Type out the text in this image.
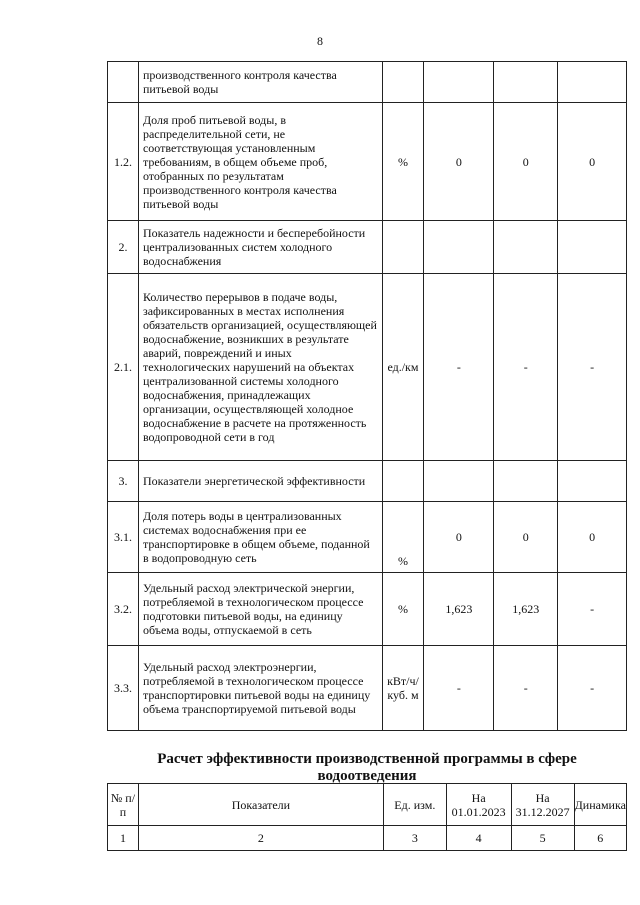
8
	производственного контроля качества питьевой воды				
1.2.	Доля проб питьевой воды, в распределительной сети, не соответствующая установленным требованиям, в общем объеме проб, отобранных по результатам производственного контроля качества питьевой воды	%	0	0	0
2.	Показатель надежности и бесперебойности централизованных систем холодного водоснабжения				
2.1.	Количество перерывов в подаче воды, зафиксированных в местах исполнения обязательств организацией, осуществляющей водоснабжение, возникших в результате аварий, повреждений и иных технологических нарушений на объектах централизованной системы холодного водоснабжения, принадлежащих организации, осуществляющей холодное водоснабжение в расчете на протяженность водопроводной сети в год	ед./км	-	-	-
3.	Показатели энергетической эффективности				
3.1.	Доля потерь воды в централизованных системах водоснабжения при ее транспортировке в общем объеме, поданной в водопроводную сеть	%	0	0	0
3.2.	Удельный расход электрической энергии, потребляемой в технологическом процессе подготовки питьевой воды, на единицу объема воды, отпускаемой в сеть	%	1,623	1,623	-
3.3.	Удельный расход электроэнергии, потребляемой в технологическом процессе транспортировки питьевой воды на единицу объема транспортируемой питьевой воды	кВт/ч/ куб. м	-	-	-
Расчет эффективности производственной программы в сфере водоотведения
№ п/п	Показатели	Ед. изм.	На 01.01.2023	На 31.12.2027	Динамика
1	2	3	4	5	6
